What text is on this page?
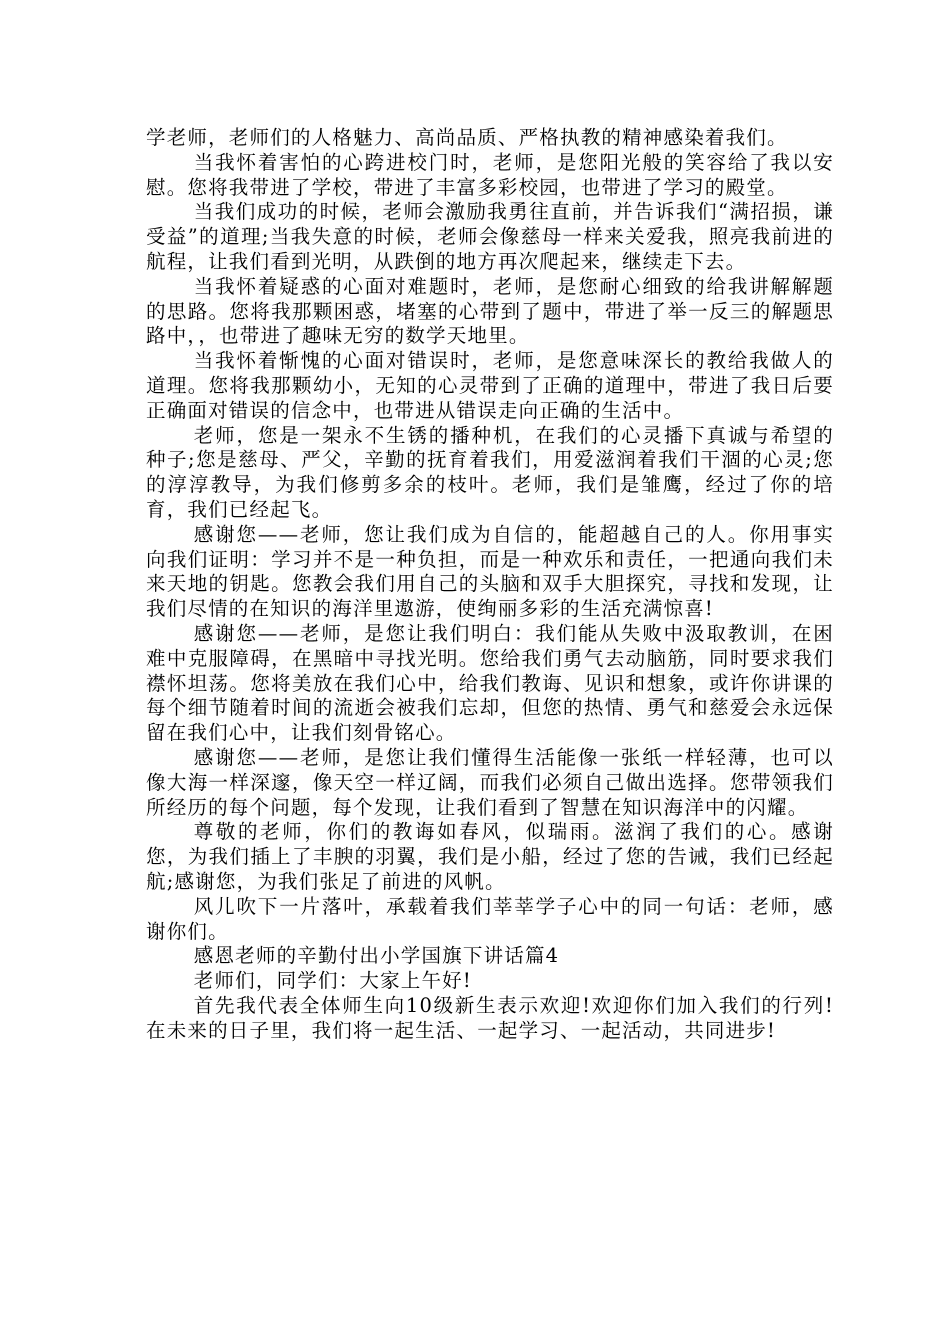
学老师，老师们的人格魅力、高尚品质、严格执教的精神感染着我们。

当我怀着害怕的心跨进校门时，老师，是您阳光般的笑容给了我以安慰。您将我带进了学校，带进了丰富多彩校园，也带进了学习的殿堂。

当我们成功的时候，老师会激励我勇往直前，并告诉我们“满招损，谦受益”的道理;当我失意的时候，老师会像慈母一样来关爱我，照亮我前进的航程，让我们看到光明，从跌倒的地方再次爬起来，继续走下去。

当我怀着疑惑的心面对难题时，老师，是您耐心细致的给我讲解解题的思路。您将我那颗困惑，堵塞的心带到了题中，带进了举一反三的解题思路中，，也带进了趣味无穷的数学天地里。

当我怀着惭愧的心面对错误时，老师，是您意味深长的教给我做人的道理。您将我那颗幼小，无知的心灵带到了正确的道理中，带进了我日后要正确面对错误的信念中，也带进从错误走向正确的生活中。

老师，您是一架永不生锈的播种机，在我们的心灵播下真诚与希望的种子;您是慈母、严父，辛勤的抚育着我们，用爱滋润着我们干涸的心灵;您的淳淳教导，为我们修剪多余的枝叶。老师，我们是雏鹰，经过了你的培育，我们已经起飞。

感谢您——老师，您让我们成为自信的，能超越自己的人。你用事实向我们证明：学习并不是一种负担，而是一种欢乐和责任，一把通向我们未来天地的钥匙。您教会我们用自己的头脑和双手大胆探究，寻找和发现，让我们尽情的在知识的海洋里遨游，使绚丽多彩的生活充满惊喜!

感谢您——老师，是您让我们明白：我们能从失败中汲取教训，在困难中克服障碍，在黑暗中寻找光明。您给我们勇气去动脑筋，同时要求我们襟怀坦荡。您将美放在我们心中，给我们教诲、见识和想象，或许你讲课的每个细节随着时间的流逝会被我们忘却，但您的热情、勇气和慈爱会永远保留在我们心中，让我们刻骨铭心。

感谢您——老师，是您让我们懂得生活能像一张纸一样轻薄，也可以像大海一样深邃，像天空一样辽阔，而我们必须自己做出选择。您带领我们所经历的每个问题，每个发现，让我们看到了智慧在知识海洋中的闪耀。

尊敬的老师，你们的教诲如春风，似瑞雨。滋润了我们的心。感谢您，为我们插上了丰腴的羽翼，我们是小船，经过了您的告诫，我们已经起航;感谢您，为我们张足了前进的风帆。

风儿吹下一片落叶，承载着我们莘莘学子心中的同一句话：老师，感谢你们。

感恩老师的辛勤付出小学国旗下讲话篇4

老师们，同学们：大家上午好!

首先我代表全体师生向10级新生表示欢迎!欢迎你们加入我们的行列!在未来的日子里，我们将一起生活、一起学习、一起活动，共同进步!
